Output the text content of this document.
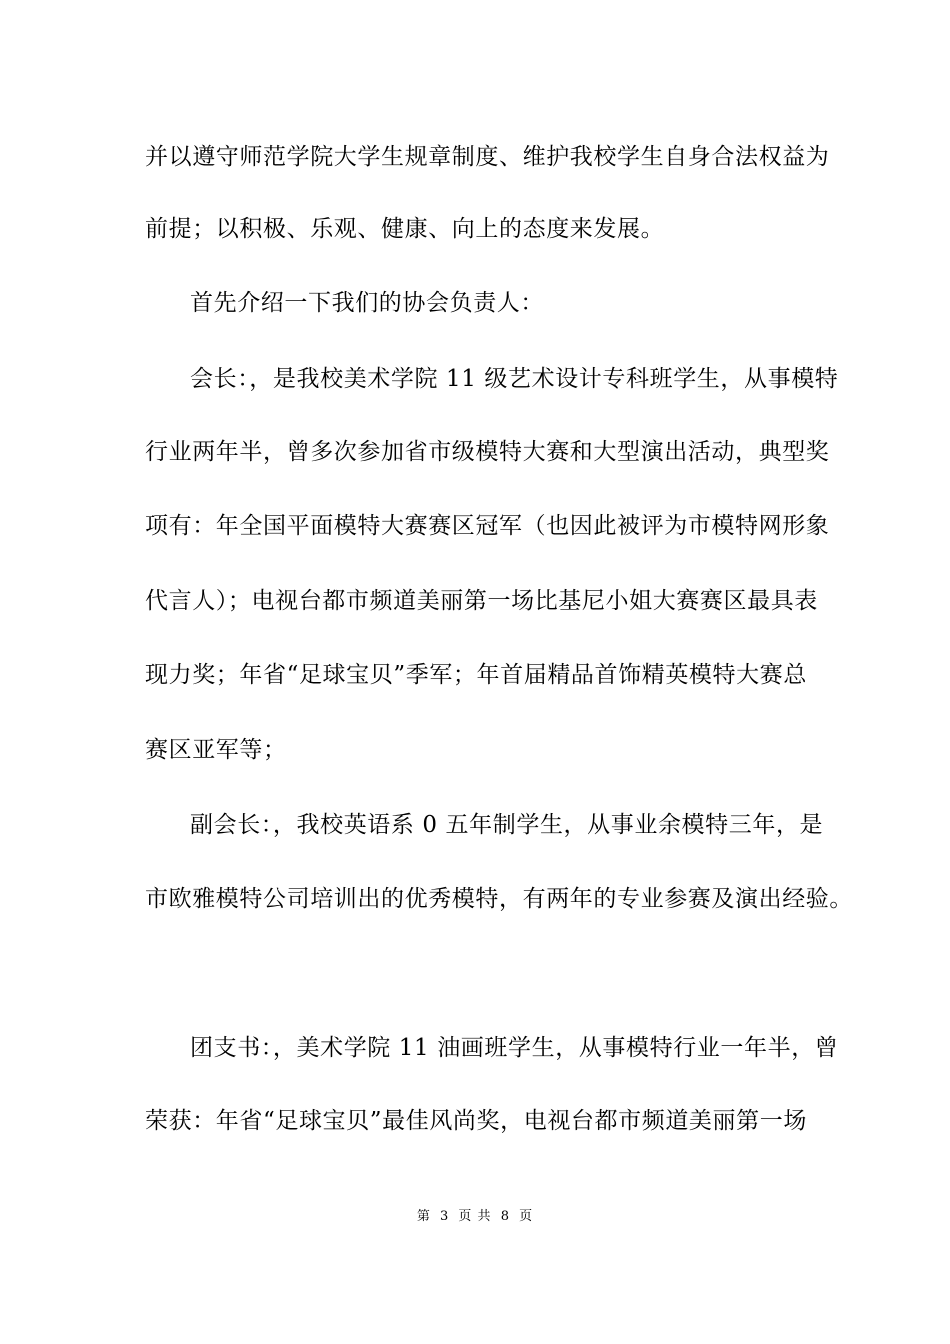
并以遵守师范学院大学生规章制度、维护我校学生自身合法权益为
前提；以积极、乐观、健康、向上的态度来发展。
首先介绍一下我们的协会负责人：
会长：，是我校美术学院 11 级艺术设计专科班学生，从事模特
行业两年半，曾多次参加省市级模特大赛和大型演出活动，典型奖
项有：年全国平面模特大赛赛区冠军（也因此被评为市模特网形象
代言人）；电视台都市频道美丽第一场比基尼小姐大赛赛区最具表
现力奖；年省“足球宝贝”季军；年首届精品首饰精英模特大赛总
赛区亚军等；
副会长：，我校英语系 0 五年制学生，从事业余模特三年，是
市欧雅模特公司培训出的优秀模特，有两年的专业参赛及演出经验。
团支书：，美术学院 11 油画班学生，从事模特行业一年半，曾
荣获：年省“足球宝贝”最佳风尚奖，电视台都市频道美丽第一场
第 3 页 共 8 页
